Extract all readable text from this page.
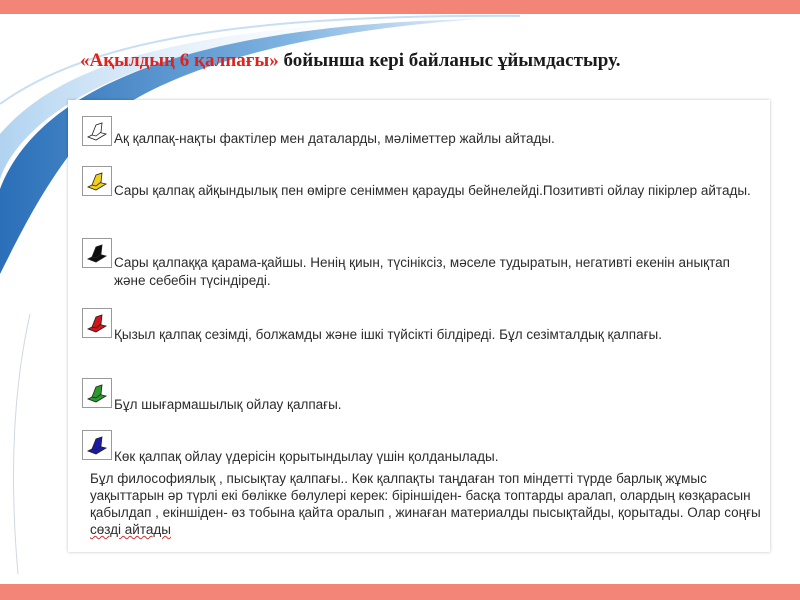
«Ақылдың 6 қалпағы» бойынша кері байланыс ұйымдастыру.
Ақ қалпақ-нақты фактілер мен даталарды, мәліметтер жайлы айтады.
Сары қалпақ айқындылық пен өмірге сеніммен қарауды бейнелейді.Позитивті ойлау пікірлер айтады.
Сары қалпаққа қарама-қайшы. Ненің қиын, түсініксіз, мәселе тудыратын, негативті екенін анықтап және себебін түсіндіреді.
Қызыл қалпақ сезімді, болжамды және ішкі түйсікті білдіреді. Бұл сезімталдық қалпағы.
Бұл шығармашылық ойлау қалпағы.
Көк қалпақ ойлау үдерісін қорытындылау үшін қолданылады.
Бұл философиялық , пысықтау қалпағы.. Көк қалпақты таңдаған топ міндетті түрде барлық жұмыс уақыттарын әр түрлі екі бөлікке бөлулері керек: біріншіден- басқа топтарды аралап, олардың көзқарасын қабылдап , екіншіден- өз тобына қайта оралып , жинаған материалды пысықтайды, қорытады. Олар соңғы сөзді айтады
